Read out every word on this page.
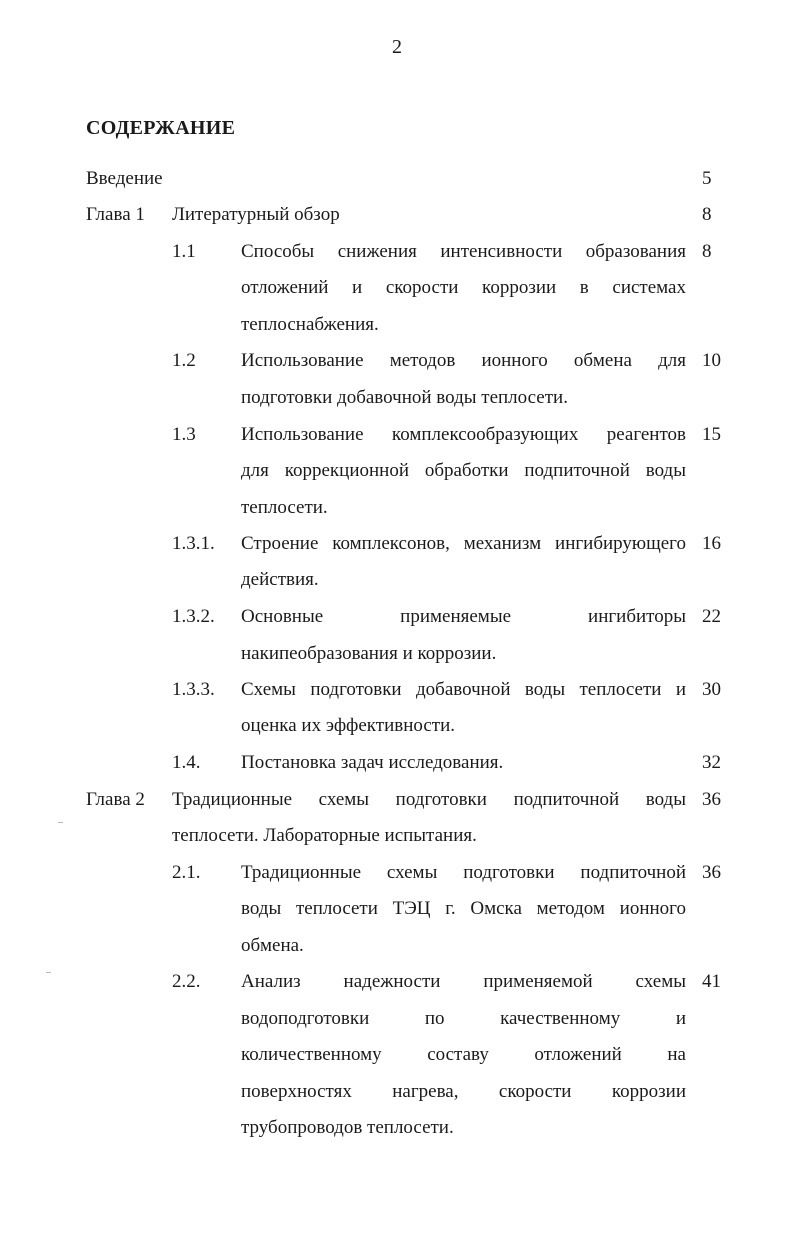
2
СОДЕРЖАНИЕ
Введение	5
Глава 1 Литературный обзор	8
1.1 Способы снижения интенсивности образования 8
отложений и скорости коррозии в системах
теплоснабжения.
1.2 Использование методов ионного обмена для 10
подготовки добавочной воды теплосети.
1.3 Использование комплексообразующих реагентов 15
для коррекционной обработки подпиточной воды
теплосети.
1.3.1. Строение комплексонов, механизм ингибирующего 16
действия.
1.3.2. Основные применяемые ингибиторы 22
накипеобразования и коррозии.
1.3.3. Схемы подготовки добавочной воды теплосети и 30
оценка их эффективности.
1.4. Постановка задач исследования.	32
Глава 2 Традиционные схемы подготовки подпиточной воды 36
теплосети. Лабораторные испытания.
2.1. Традиционные схемы подготовки подпиточной 36
воды теплосети ТЭЦ г. Омска методом ионного
обмена.
2.2. Анализ надежности применяемой схемы 41
водоподготовки по качественному и
количественному составу отложений на
поверхностях нагрева, скорости коррозии
трубопроводов теплосети.
